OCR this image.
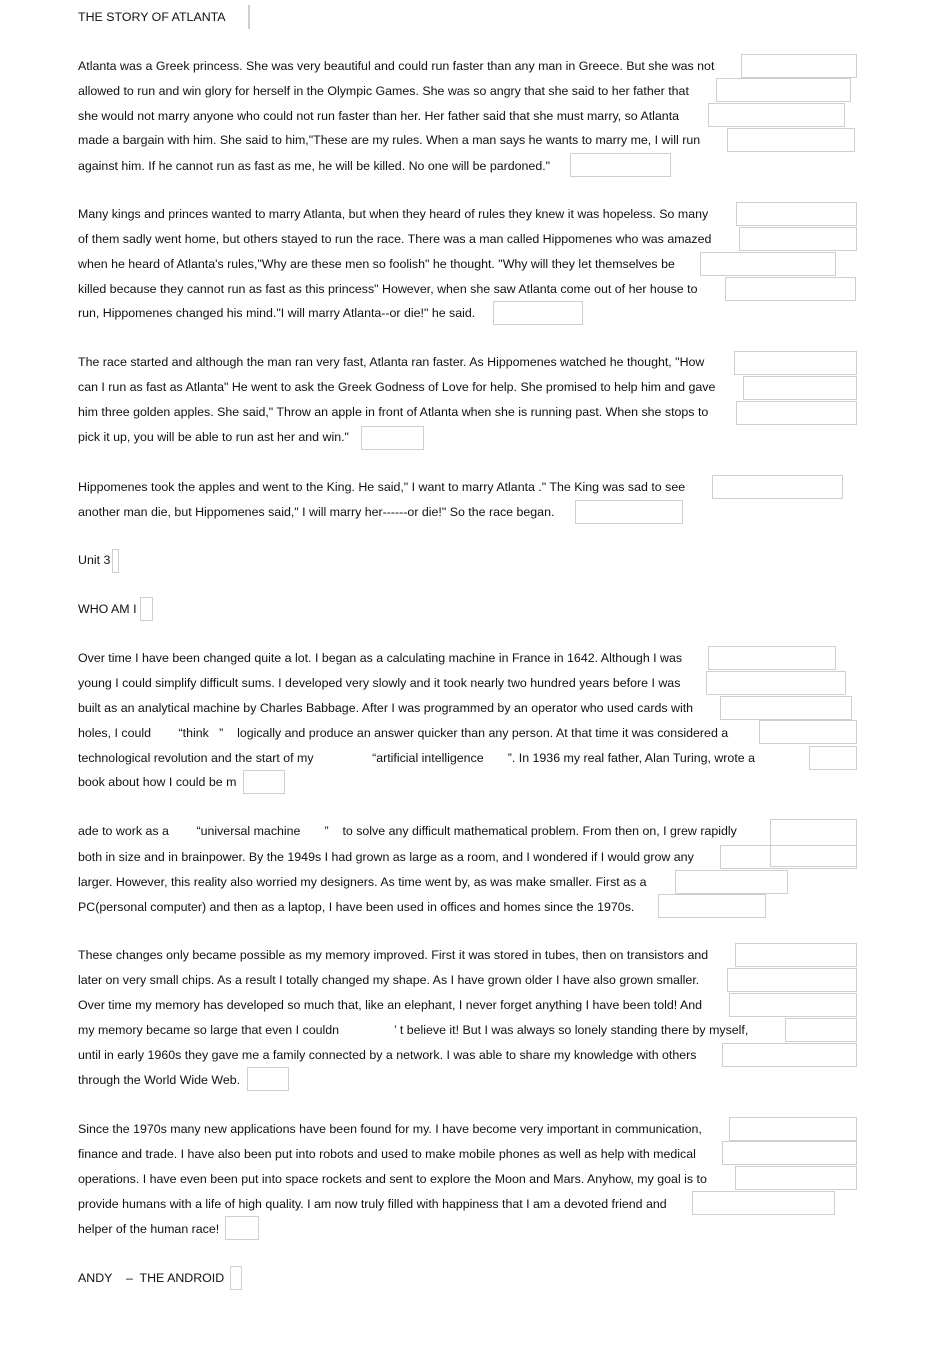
THE STORY OF ATLANTA
Atlanta was a Greek princess. She was very beautiful and could run faster than any man in Greece. But she was not
allowed to run and win glory for herself in the Olympic Games. She was so angry that she said to her father that
she would not marry anyone who could not run faster than her. Her father said that she must marry, so Atlanta
made a bargain with him. She said to him,"These are my rules. When a man says he wants to marry me, I will run
against him. If he cannot run as fast as me, he will be killed. No one will be pardoned."
Many kings and princes wanted to marry Atlanta, but when they heard of rules they knew it was hopeless. So many
of them sadly went home, but others stayed to run the race. There was a man called Hippomenes who was amazed
when he heard of Atlanta's rules,"Why are these men so foolish" he thought. "Why will they let themselves be
killed because they cannot run as fast as this princess" However, when she saw Atlanta come out of her house to
run, Hippomenes changed his mind."I will marry Atlanta--or die!" he said.
The race started and although the man ran very fast, Atlanta ran faster. As Hippomenes watched he thought, "How
can I run as fast as Atlanta" He went to ask the Greek Godness of Love for help. She promised to help him and gave
him three golden apples. She said," Throw an apple in front of Atlanta when she is running past. When she stops to
pick it up, you will be able to run ast her and win."
Hippomenes took the apples and went to the King. He said," I want to marry Atlanta ." The King was sad to see
another man die, but Hippomenes said," I will marry her------or die!" So the race began.
Unit 3
WHO AM I
Over time I have been changed quite a lot. I began as a calculating machine in France in 1642. Although I was
young I could simplify difficult sums. I developed very slowly and it took nearly two hundred years before I was
built as an analytical machine by Charles Babbage. After I was programmed by an operator who used cards with
holes, I could        “think   ”    logically and produce an answer quicker than any person. At that time it was considered a
technological revolution and the start of my                 “artificial intelligence       ”. In 1936 my real father, Alan Turing, wrote a
book about how I could be m
ade to work as a        “universal machine       ”    to solve any difficult mathematical problem. From then on, I grew rapidly
both in size and in brainpower. By the 1949s I had grown as large as a room, and I wondered if I would grow any
larger. However, this reality also worried my designers. As time went by, as was make smaller. First as a
PC(personal computer) and then as a laptop, I have been used in offices and homes since the 1970s.
These changes only became possible as my memory improved. First it was stored in tubes, then on transistors and
later on very small chips. As a result I totally changed my shape. As I have grown older I have also grown smaller.
Over time my memory has developed so much that, like an elephant, I never forget anything I have been told! And
my memory became so large that even I couldn                ’ t believe it! But I was always so lonely standing there by myself,
until in early 1960s they gave me a family connected by a network. I was able to share my knowledge with others
through the World Wide Web.
Since the 1970s many new applications have been found for my. I have become very important in communication,
finance and trade. I have also been put into robots and used to make mobile phones as well as help with medical
operations. I have even been put into space rockets and sent to explore the Moon and Mars. Anyhow, my goal is to
provide humans with a life of high quality. I am now truly filled with happiness that I am a devoted friend and
helper of the human race!
ANDY    –  THE ANDROID
